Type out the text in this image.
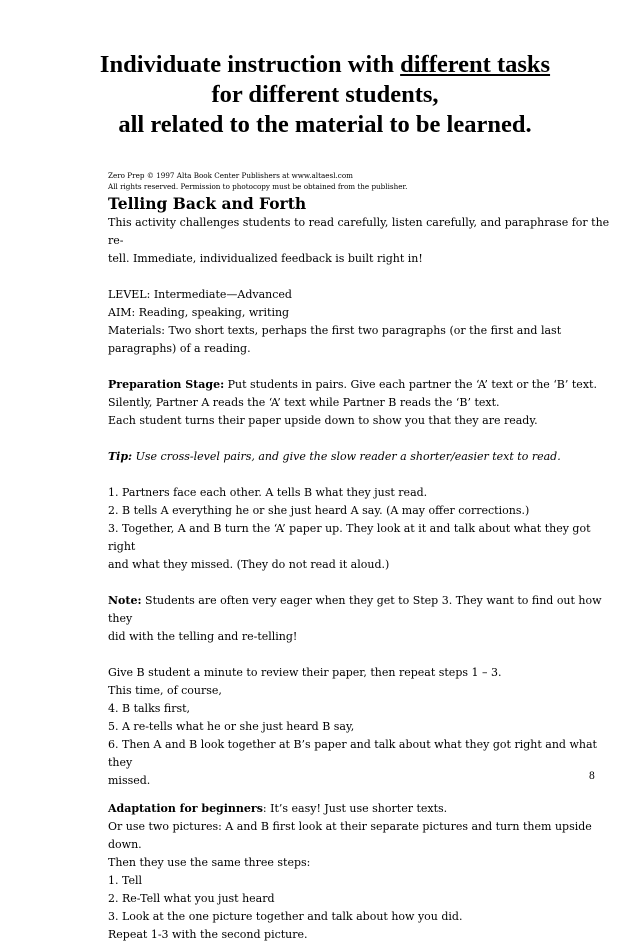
Individuate instruction with different tasks
for different students,
all related to the material to be learned.
Zero Prep © 1997 Alta Book Center Publishers at www.altaesl.com
All rights reserved. Permission to photocopy must be obtained from the publisher.
Telling Back and Forth

This activity challenges students to read carefully, listen carefully, and paraphrase for the re-

tell. Immediate, individualized feedback is built right in!

LEVEL: Intermediate—Advanced

AIM: Reading, speaking, writing

Materials: Two short texts, perhaps the first two paragraphs (or the first and last

paragraphs) of a reading.

Preparation Stage: Put students in pairs. Give each partner the ‘A’ text or the ‘B’ text.

Silently, Partner A reads the ‘A’ text while Partner B reads the ‘B’ text.

Each student turns their paper upside down to show you that they are ready.

Tip: Use cross-level pairs, and give the slow reader a shorter/easier text to read.

1. Partners face each other. A tells B what they just read.

2. B tells A everything he or she just heard A say. (A may offer corrections.)

3. Together, A and B turn the ‘A’ paper up. They look at it and talk about what they got right

and what they missed. (They do not read it aloud.)

Note: Students are often very eager when they get to Step 3. They want to find out how they

did with the telling and re-telling!

Give B student a minute to review their paper, then repeat steps 1 – 3.

This time, of course,

4. B talks first,

5. A re-tells what he or she just heard B say,

6. Then A and B look together at B’s paper and talk about what they got right and what they

missed.

Adaptation for beginners: It’s easy! Just use shorter texts.

Or use two pictures: A and B first look at their separate pictures and turn them upside down.

Then they use the same three steps:

1. Tell

2. Re-Tell what you just heard

3. Look at the one picture together and talk about how you did.

Repeat 1-3 with the second picture.

8
